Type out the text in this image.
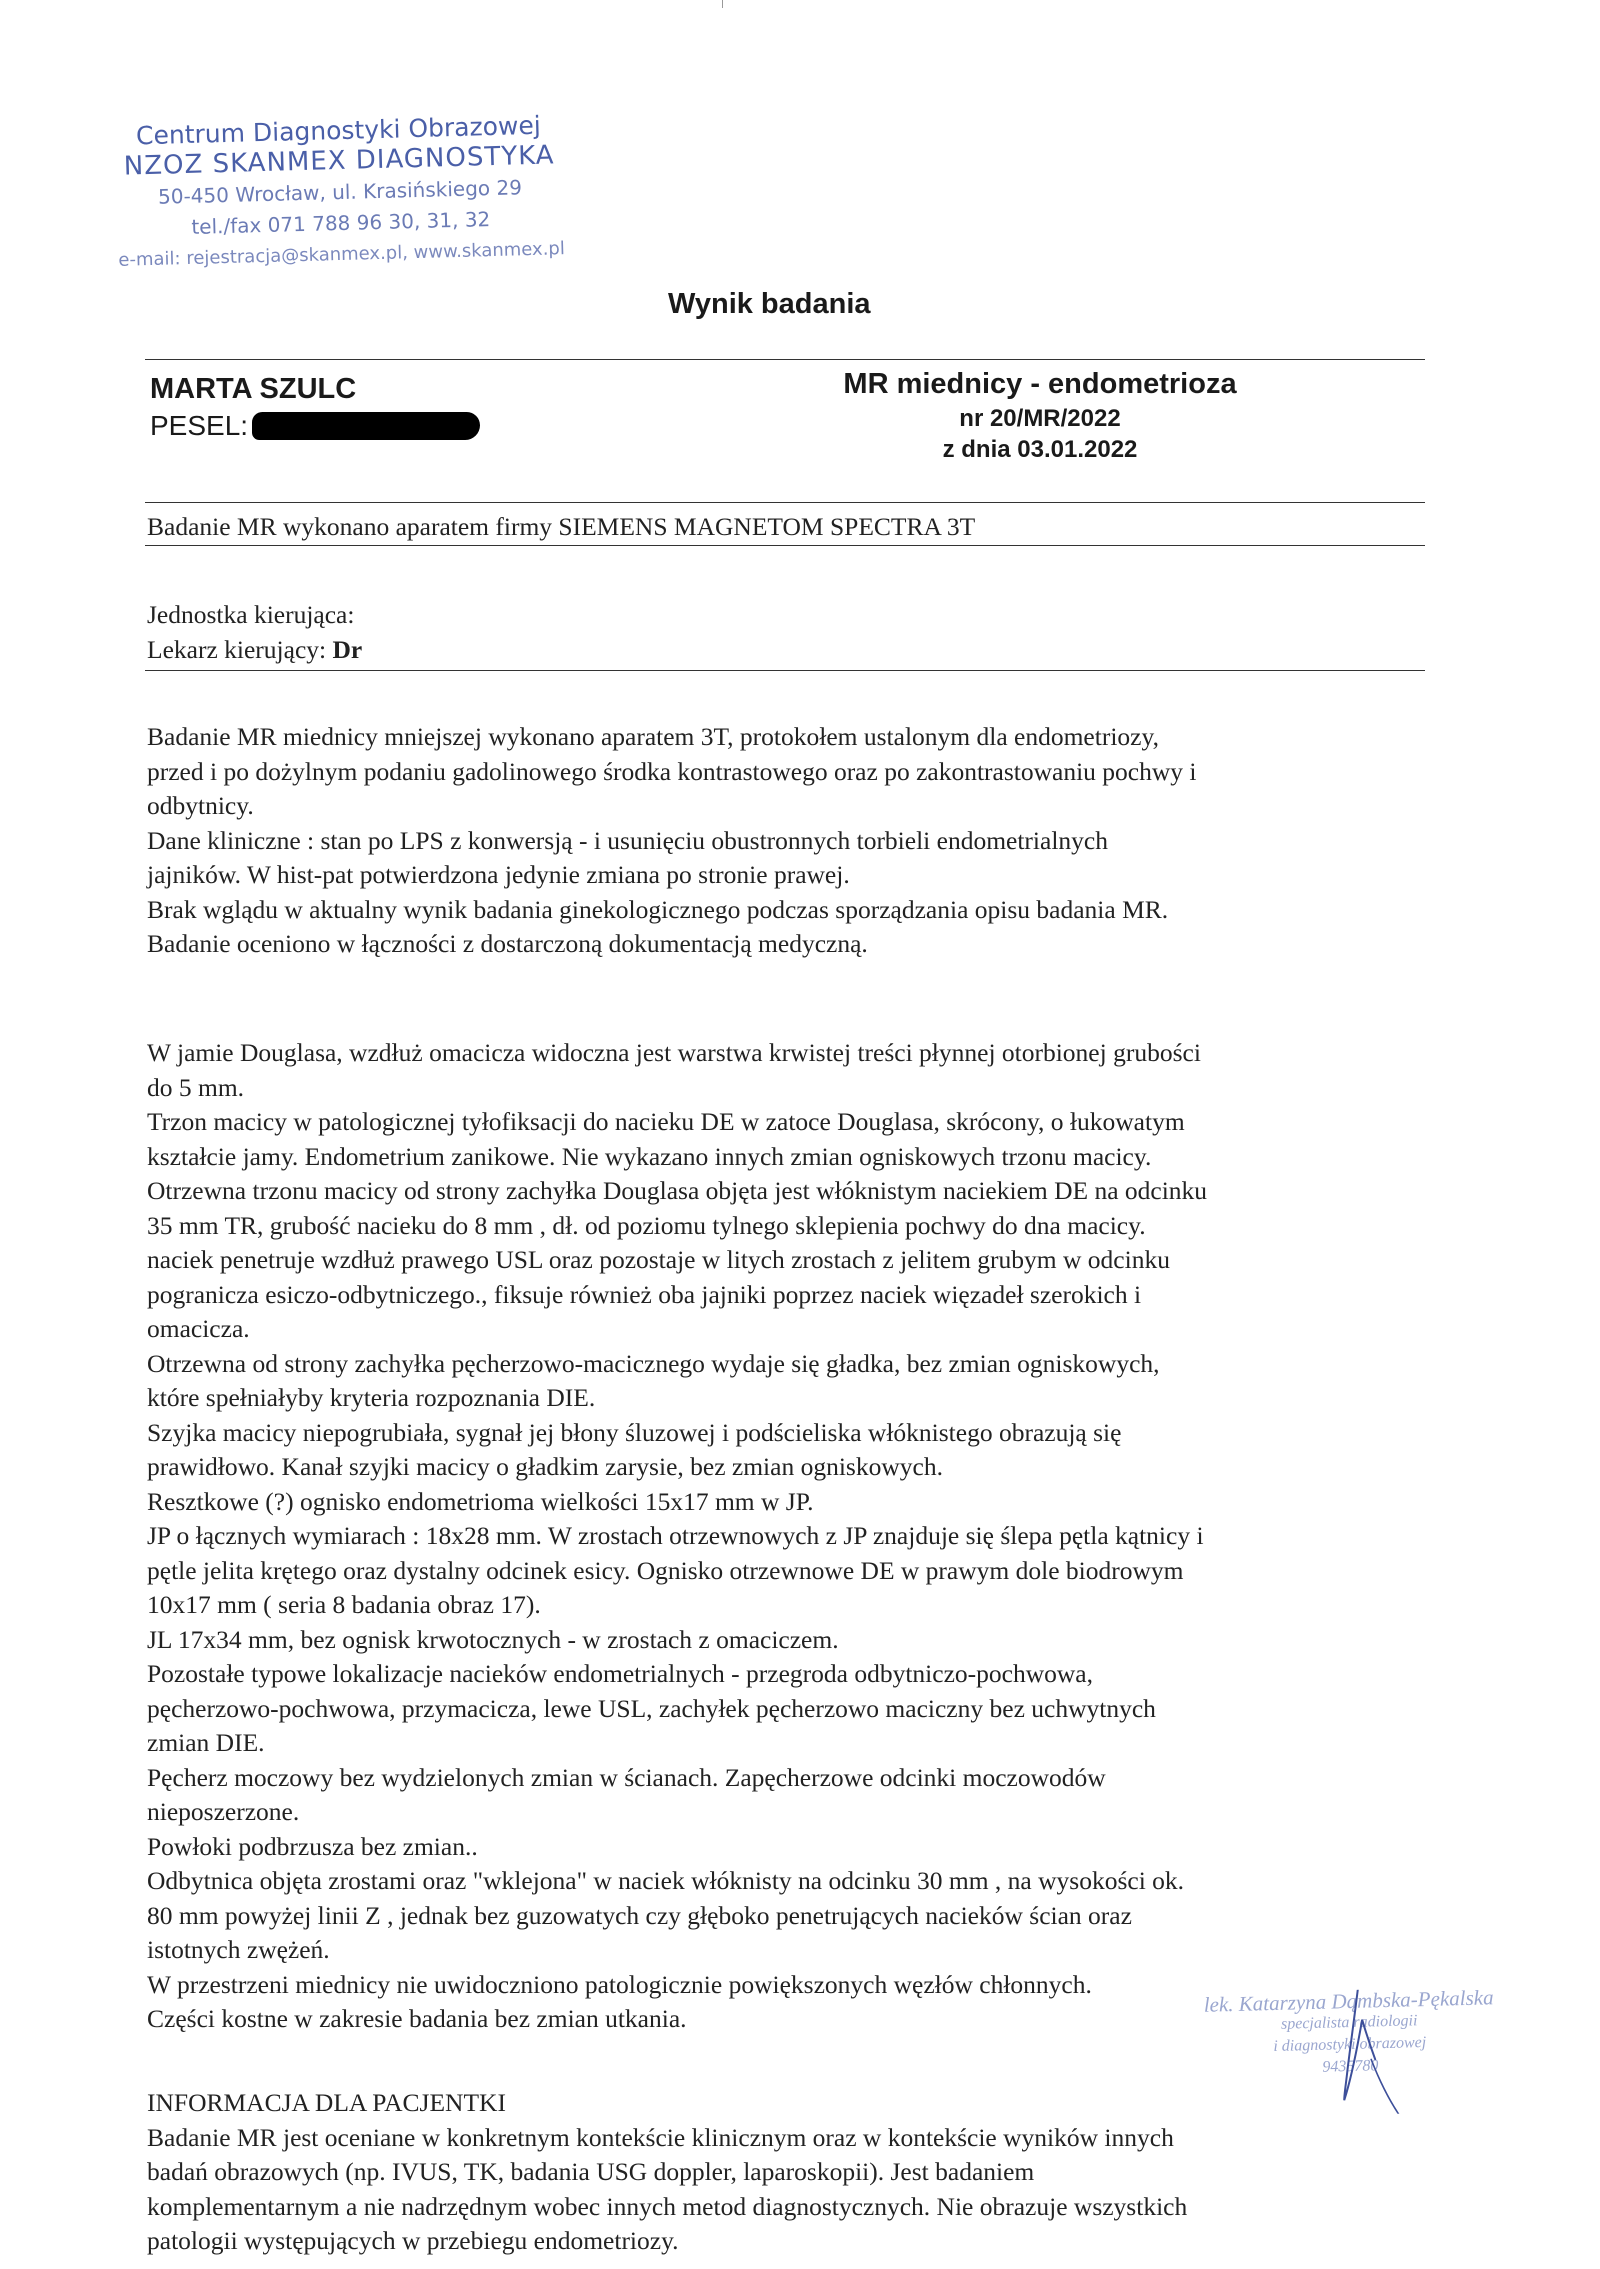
Centrum Diagnostyki Obrazowej
NZOZ SKANMEX DIAGNOSTYKA
50-450 Wrocław, ul. Krasińskiego 29
tel./fax 071 788 96 30, 31, 32
e-mail: rejestracja@skanmex.pl, www.skanmex.pl
Wynik badania
MARTA SZULC
PESEL:
MR miednicy - endometrioza
nr 20/MR/2022
z dnia 03.01.2022
Badanie MR wykonano aparatem firmy SIEMENS MAGNETOM SPECTRA 3T
Jednostka kierująca:
Lekarz kierujący: Dr
Badanie MR miednicy mniejszej wykonano aparatem 3T, protokołem ustalonym dla endometriozy,
przed i po dożylnym podaniu gadolinowego środka kontrastowego oraz po zakontrastowaniu pochwy i
odbytnicy.
Dane kliniczne : stan po LPS z konwersją - i usunięciu obustronnych torbieli endometrialnych
jajników. W hist-pat potwierdzona jedynie zmiana po stronie prawej.
Brak wglądu w aktualny wynik badania ginekologicznego podczas sporządzania opisu badania MR.
Badanie oceniono w łączności z dostarczoną dokumentacją medyczną.
W jamie Douglasa, wzdłuż omacicza widoczna jest warstwa krwistej treści płynnej otorbionej grubości
do 5 mm.
Trzon macicy w patologicznej tyłofiksacji do nacieku DE w zatoce Douglasa, skrócony, o łukowatym
kształcie jamy. Endometrium zanikowe. Nie wykazano innych zmian ogniskowych trzonu macicy.
Otrzewna trzonu macicy od strony zachyłka Douglasa objęta jest włóknistym naciekiem DE na odcinku
35 mm TR, grubość nacieku do 8 mm , dł. od poziomu tylnego sklepienia pochwy do dna macicy.
naciek penetruje wzdłuż prawego USL oraz pozostaje w litych zrostach z jelitem grubym w odcinku
pogranicza esiczo-odbytniczego., fiksuje również oba jajniki poprzez naciek więzadeł szerokich i
omacicza.
Otrzewna od strony zachyłka pęcherzowo-macicznego wydaje się gładka, bez zmian ogniskowych,
które spełniałyby kryteria rozpoznania DIE.
Szyjka macicy niepogrubiała, sygnał jej błony śluzowej i podścieliska włóknistego obrazują się
prawidłowo. Kanał szyjki macicy o gładkim zarysie, bez zmian ogniskowych.
Resztkowe (?) ognisko endometrioma wielkości 15x17 mm w JP.
JP o łącznych wymiarach : 18x28 mm. W zrostach otrzewnowych z JP znajduje się ślepa pętla kątnicy i
pętle jelita krętego oraz dystalny odcinek esicy. Ognisko otrzewnowe DE w prawym dole biodrowym
10x17 mm ( seria 8 badania obraz 17).
JL 17x34 mm, bez ognisk krwotocznych - w zrostach z omaciczem.
Pozostałe typowe lokalizacje nacieków endometrialnych - przegroda odbytniczo-pochwowa,
pęcherzowo-pochwowa, przymacicza, lewe USL, zachyłek pęcherzowo maciczny bez uchwytnych
zmian DIE.
Pęcherz moczowy bez wydzielonych zmian w ścianach. Zapęcherzowe odcinki moczowodów
nieposzerzone.
Powłoki podbrzusza bez zmian..
Odbytnica objęta zrostami oraz "wklejona" w naciek włóknisty na odcinku 30 mm , na wysokości ok.
80 mm powyżej linii Z , jednak bez guzowatych czy głęboko penetrujących nacieków ścian oraz
istotnych zwężeń.
W przestrzeni miednicy nie uwidoczniono patologicznie powiększonych węzłów chłonnych.
Części kostne w zakresie badania bez zmian utkania.
INFORMACJA DLA PACJENTKI
Badanie MR jest oceniane w konkretnym kontekście klinicznym oraz w kontekście wyników innych
badań obrazowych (np. IVUS, TK, badania USG doppler, laparoskopii). Jest badaniem
komplementarnym a nie nadrzędnym wobec innych metod diagnostycznych. Nie obrazuje wszystkich
patologii występujących w przebiegu endometriozy.
lek. Katarzyna Dąmbska-Pękalska
specjalista radiologii
i diagnostyki obrazowej
9435780
